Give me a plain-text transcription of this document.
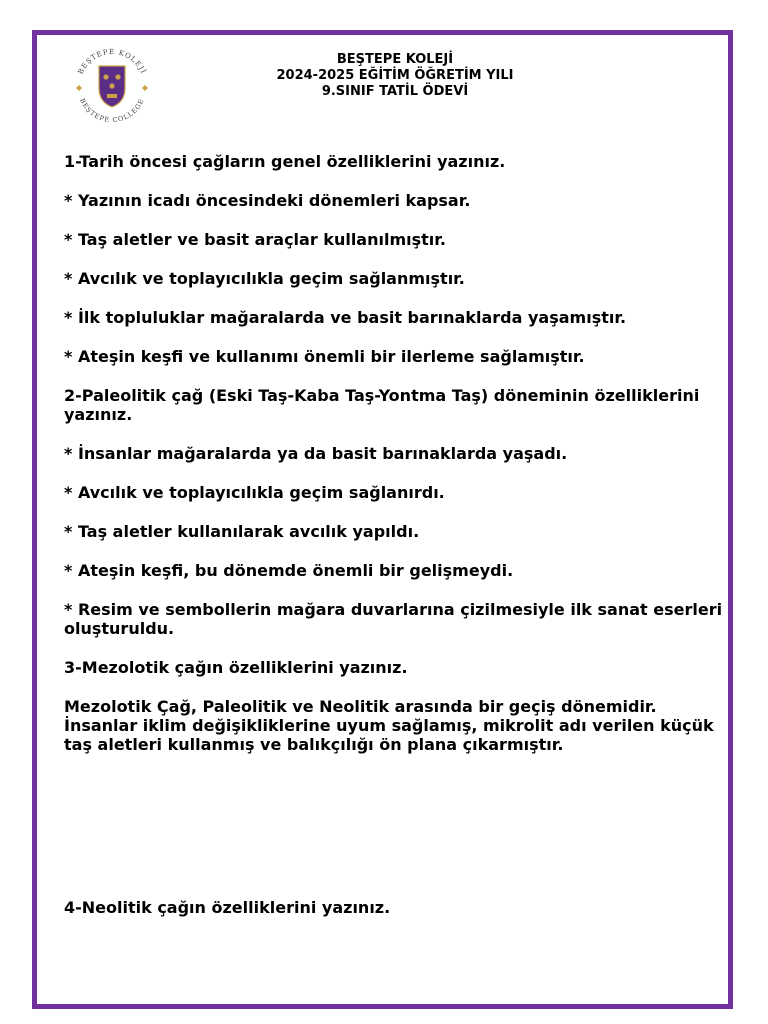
BEŞTEPE KOLEJİ
BEŞTEPE COLLEGE
BEŞTEPE KOLEJİ
2024-2025 EĞİTİM ÖĞRETİM YILI
9.SINIF TATİL ÖDEVİ

1-Tarih öncesi çağların genel özelliklerini yazınız.

* Yazının icadı öncesindeki dönemleri kapsar.

* Taş aletler ve basit araçlar kullanılmıştır.

* Avcılık ve toplayıcılıkla geçim sağlanmıştır.

* İlk topluluklar mağaralarda ve basit barınaklarda yaşamıştır.

* Ateşin keşfi ve kullanımı önemli bir ilerleme sağlamıştır.

2-Paleolitik çağ (Eski Taş-Kaba Taş-Yontma Taş) döneminin özelliklerini yazınız.

* İnsanlar mağaralarda ya da basit barınaklarda yaşadı.

* Avcılık ve toplayıcılıkla geçim sağlanırdı.

* Taş aletler kullanılarak avcılık yapıldı.

* Ateşin keşfi, bu dönemde önemli bir gelişmeydi.

* Resim ve sembollerin mağara duvarlarına çizilmesiyle ilk sanat eserleri oluşturuldu.

3-Mezolotik çağın özelliklerini yazınız.

Mezolotik Çağ, Paleolitik ve Neolitik arasında bir geçiş dönemidir. İnsanlar iklim değişikliklerine uyum sağlamış, mikrolit adı verilen küçük taş aletleri kullanmış ve balıkçılığı ön plana çıkarmıştır.

4-Neolitik çağın özelliklerini yazınız.
